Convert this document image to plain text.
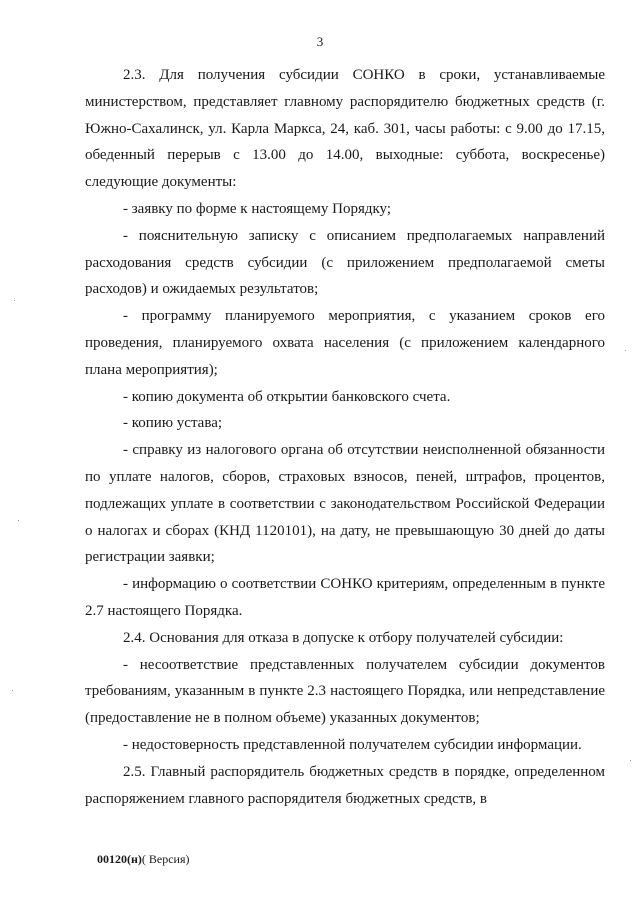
3

2.3. Для получения субсидии СОНКО в сроки, устанавливаемые министерством, представляет главному распорядителю бюджетных средств (г. Южно-Сахалинск, ул. Карла Маркса, 24, каб. 301, часы работы: с 9.00 до 17.15, обеденный перерыв с 13.00 до 14.00, выходные: суббота, воскресенье) следующие документы:

- заявку по форме к настоящему Порядку;

- пояснительную записку с описанием предполагаемых направлений расходования средств субсидии (с приложением предполагаемой сметы расходов) и ожидаемых результатов;

- программу планируемого мероприятия, с указанием сроков его проведения, планируемого охвата населения (с приложением календарного плана мероприятия);

- копию документа об открытии банковского счета.

- копию устава;

- справку из налогового органа об отсутствии неисполненной обязанности по уплате налогов, сборов, страховых взносов, пеней, штрафов, процентов, подлежащих уплате в соответствии с законодательством Российской Федерации о налогах и сборах (КНД 1120101), на дату, не превышающую 30 дней до даты регистрации заявки;

- информацию о соответствии СОНКО критериям, определенным в пункте 2.7 настоящего Порядка.

2.4. Основания для отказа в допуске к отбору получателей субсидии:

- несоответствие представленных получателем субсидии документов требованиям, указанным в пункте 2.3 настоящего Порядка, или непредставление (предоставление не в полном объеме) указанных документов;

- недостоверность представленной получателем субсидии информации.

2.5. Главный распорядитель бюджетных средств в порядке, определенном распоряжением главного распорядителя бюджетных средств, в

00120(н)( Версия)
